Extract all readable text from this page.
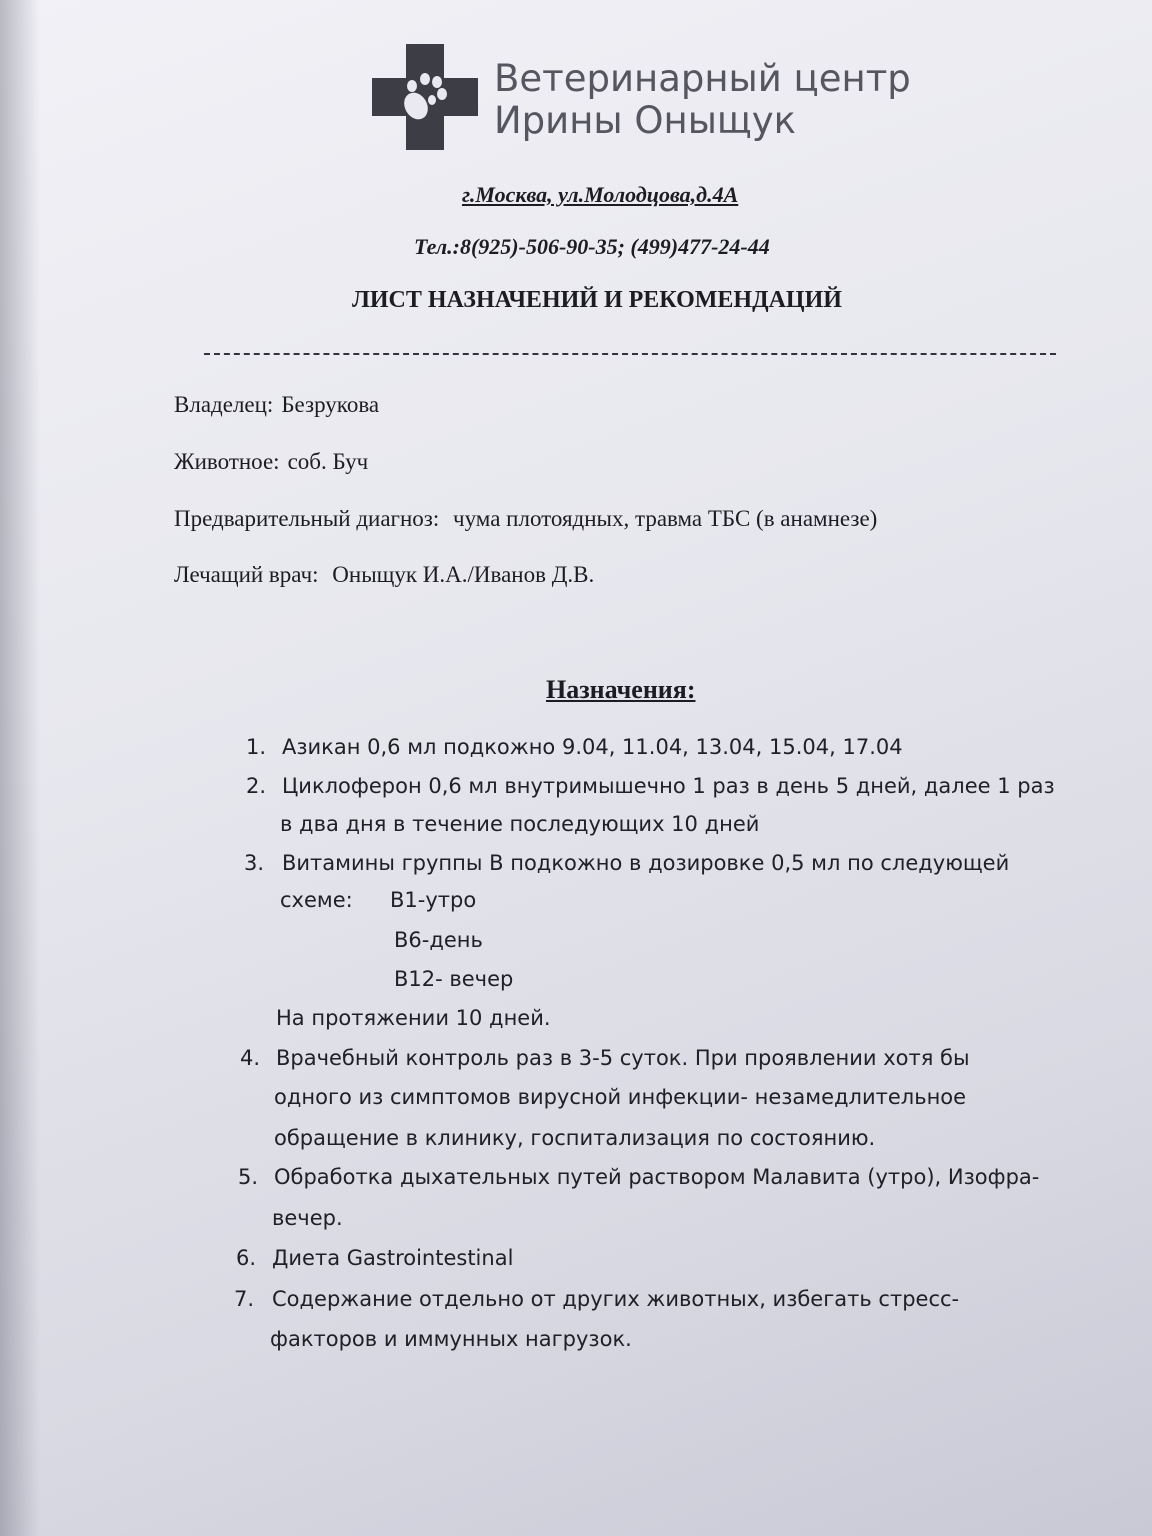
Ветеринарный центр
Ирины Оныщук
г.Москва, ул.Молодцова,д.4А
Тел.:8(925)-506-90-35; (499)477-24-44
ЛИСТ НАЗНАЧЕНИЙ И РЕКОМЕНДАЦИЙ
Владелец: Безрукова
Животное: соб. Буч
Предварительный диагноз: чума плотоядных, травма ТБС (в анамнезе)
Лечащий врач: Оныщук И.А./Иванов Д.В.
Назначения:
1. Азикан 0,6 мл подкожно 9.04, 11.04, 13.04, 15.04, 17.04
2. Циклоферон 0,6 мл внутримышечно 1 раз в день 5 дней, далее 1 раз
в два дня в течение последующих 10 дней
3. Витамины группы В подкожно в дозировке 0,5 мл по следующей
схеме: В1-утро
В6-день
В12- вечер
На протяжении 10 дней.
4. Врачебный контроль раз в 3-5 суток. При проявлении хотя бы
одного из симптомов вирусной инфекции- незамедлительное
обращение в клинику, госпитализация по состоянию.
5. Обработка дыхательных путей раствором Малавита (утро), Изофра-
вечер.
6. Диета Gastrointestinal
7. Содержание отдельно от других животных, избегать стресс-
факторов и иммунных нагрузок.
